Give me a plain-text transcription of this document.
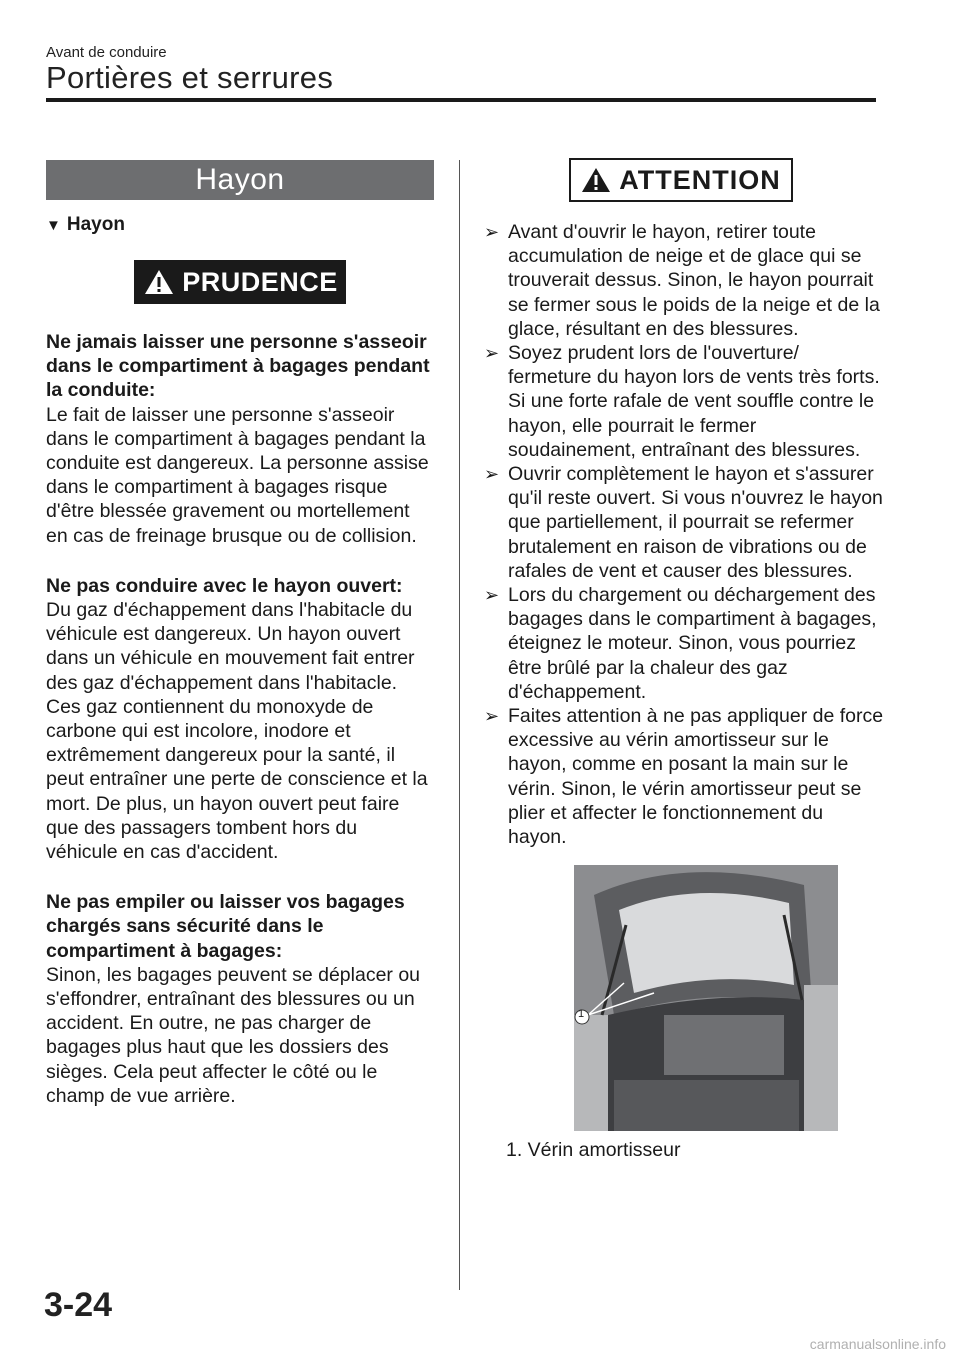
Avant de conduire
Portières et serrures
Hayon
▼ Hayon
PRUDENCE
Ne jamais laisser une personne s'asseoir dans le compartiment à bagages pendant la conduite:
Le fait de laisser une personne s'asseoir dans le compartiment à bagages pendant la conduite est dangereux. La personne assise dans le compartiment à bagages risque d'être blessée gravement ou mortellement en cas de freinage brusque ou de collision.
Ne pas conduire avec le hayon ouvert:
Du gaz d'échappement dans l'habitacle du véhicule est dangereux. Un hayon ouvert dans un véhicule en mouvement fait entrer des gaz d'échappement dans l'habitacle. Ces gaz contiennent du monoxyde de carbone qui est incolore, inodore et extrêmement dangereux pour la santé, il peut entraîner une perte de conscience et la mort. De plus, un hayon ouvert peut faire que des passagers tombent hors du véhicule en cas d'accident.
Ne pas empiler ou laisser vos bagages chargés sans sécurité dans le compartiment à bagages:
Sinon, les bagages peuvent se déplacer ou s'effondrer, entraînant des blessures ou un accident. En outre, ne pas charger de bagages plus haut que les dossiers des sièges. Cela peut affecter le côté ou le champ de vue arrière.
ATTENTION
➢ Avant d'ouvrir le hayon, retirer toute accumulation de neige et de glace qui se trouverait dessus. Sinon, le hayon pourrait se fermer sous le poids de la neige et de la glace, résultant en des blessures.
➢ Soyez prudent lors de l'ouverture/ fermeture du hayon lors de vents très forts. Si une forte rafale de vent souffle contre le hayon, elle pourrait le fermer soudainement, entraînant des blessures.
➢ Ouvrir complètement le hayon et s'assurer qu'il reste ouvert. Si vous n'ouvrez le hayon que partiellement, il pourrait se refermer brutalement en raison de vibrations ou de rafales de vent et causer des blessures.
➢ Lors du chargement ou déchargement des bagages dans le compartiment à bagages, éteignez le moteur. Sinon, vous pourriez être brûlé par la chaleur des gaz d'échappement.
➢ Faites attention à ne pas appliquer de force excessive au vérin amortisseur sur le hayon, comme en posant la main sur le vérin. Sinon, le vérin amortisseur peut se plier et affecter le fonctionnement du hayon.
1
1. Vérin amortisseur
3-24
carmanualsonline.info
